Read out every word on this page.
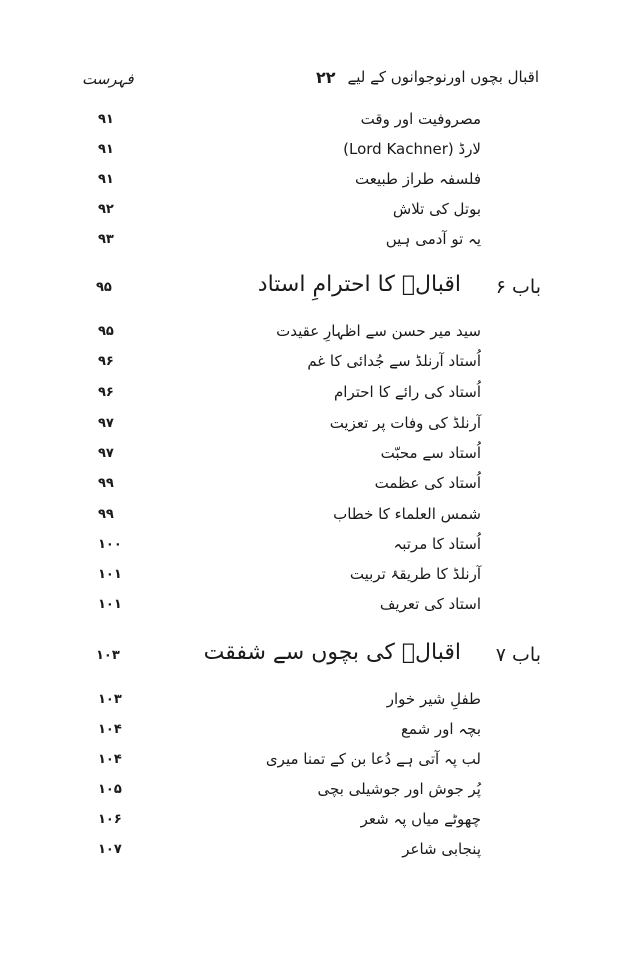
فہرست	۲۲ اقبال بچوں اورنوجوانوں کے لیے
۹۱	مصروفیت اور وقت
۹۱	لارڈ (Lord Kachner)
۹۱	فلسفہ طراز طبیعت
۹۲	بوتل کی تلاش
۹۳	یہ تو آدمی ہیں
۹۵	اقبالؒ کا احترامِ استاد باب ۶
۹۵	سید میر حسن سے اظہارِ عقیدت
۹۶	اُستاد آرنلڈ سے جُدائی کا غم
۹۶	اُستاد کی رائے کا احترام
۹۷	آرنلڈ کی وفات پر تعزیت
۹۷	اُستاد سے محبّت
۹۹	اُستاد کی عظمت
۹۹	شمس العلماء کا خطاب
۱۰۰	اُستاد کا مرتبہ
۱۰۱	آرنلڈ کا طریقۂ تربیت
۱۰۱	استاد کی تعریف
۱۰۳	اقبالؒ کی بچوں سے شفقت باب ۷
۱۰۳	طفلِ شیر خوار
۱۰۴	بچہ اور شمع
۱۰۴	لب پہ آتی ہے دُعا بن کے تمنا میری
۱۰۵	پُر جوش اور جوشیلی بچی
۱۰۶	چھوٹے میاں پہ شعر
۱۰۷	پنجابی شاعر
